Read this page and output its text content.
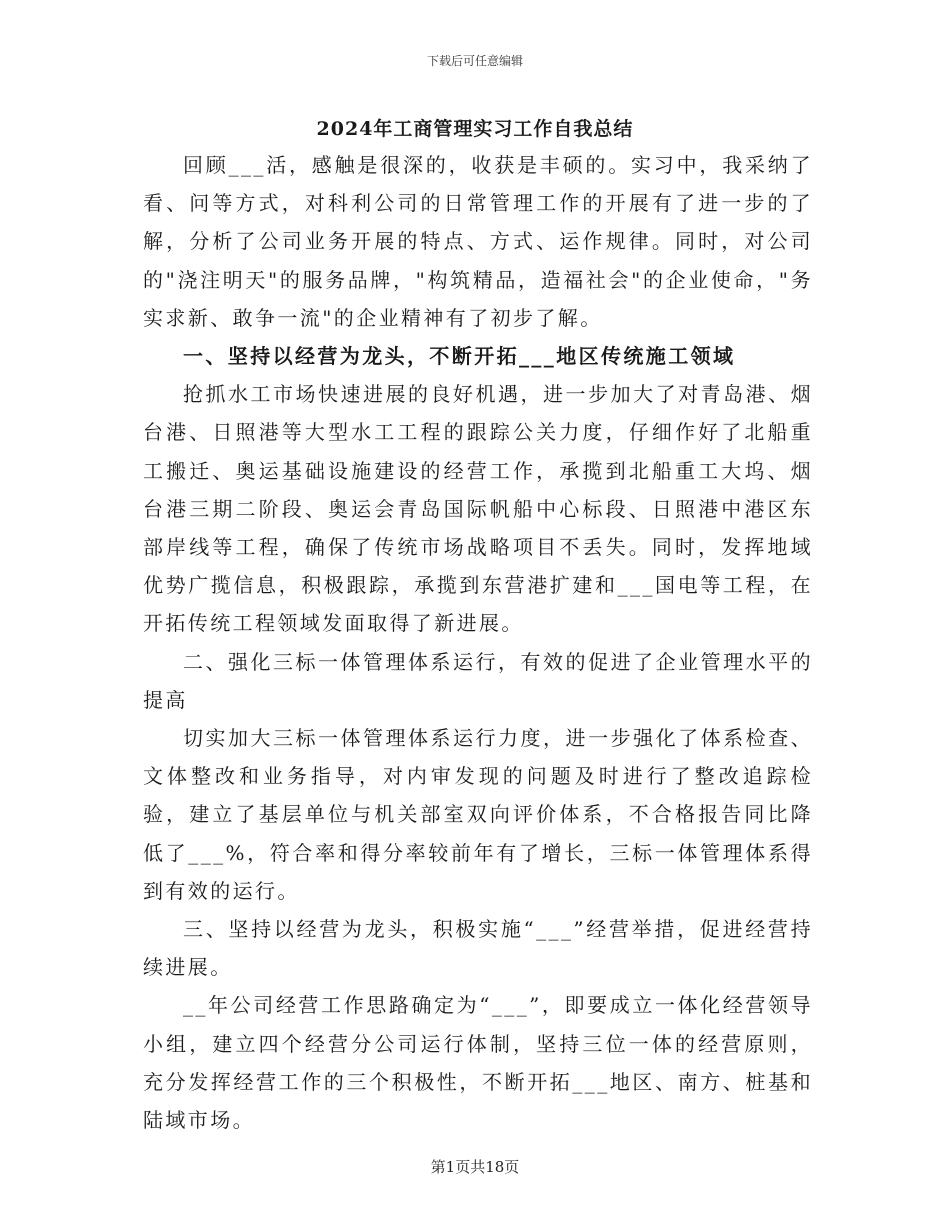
下载后可任意编辑
2024年工商管理实习工作自我总结

回顾___活，感触是很深的，收获是丰硕的。实习中，我采纳了看、问等方式，对科利公司的日常管理工作的开展有了进一步的了解，分析了公司业务开展的特点、方式、运作规律。同时，对公司的"浇注明天"的服务品牌，"构筑精品，造福社会"的企业使命，"务实求新、敢争一流"的企业精神有了初步了解。

一、坚持以经营为龙头，不断开拓___地区传统施工领域

抢抓水工市场快速进展的良好机遇，进一步加大了对青岛港、烟台港、日照港等大型水工工程的跟踪公关力度，仔细作好了北船重工搬迁、奥运基础设施建设的经营工作，承揽到北船重工大坞、烟台港三期二阶段、奥运会青岛国际帆船中心标段、日照港中港区东部岸线等工程，确保了传统市场战略项目不丢失。同时，发挥地域优势广揽信息，积极跟踪，承揽到东营港扩建和___国电等工程，在开拓传统工程领域发面取得了新进展。

二、强化三标一体管理体系运行，有效的促进了企业管理水平的提高

切实加大三标一体管理体系运行力度，进一步强化了体系检查、文体整改和业务指导，对内审发现的问题及时进行了整改追踪检验，建立了基层单位与机关部室双向评价体系，不合格报告同比降低了___%，符合率和得分率较前年有了增长，三标一体管理体系得到有效的运行。

三、坚持以经营为龙头，积极实施“___”经营举措，促进经营持续进展。

__年公司经营工作思路确定为“___”，即要成立一体化经营领导小组，建立四个经营分公司运行体制，坚持三位一体的经营原则，充分发挥经营工作的三个积极性，不断开拓___地区、南方、桩基和陆域市场。

第1页共18页
